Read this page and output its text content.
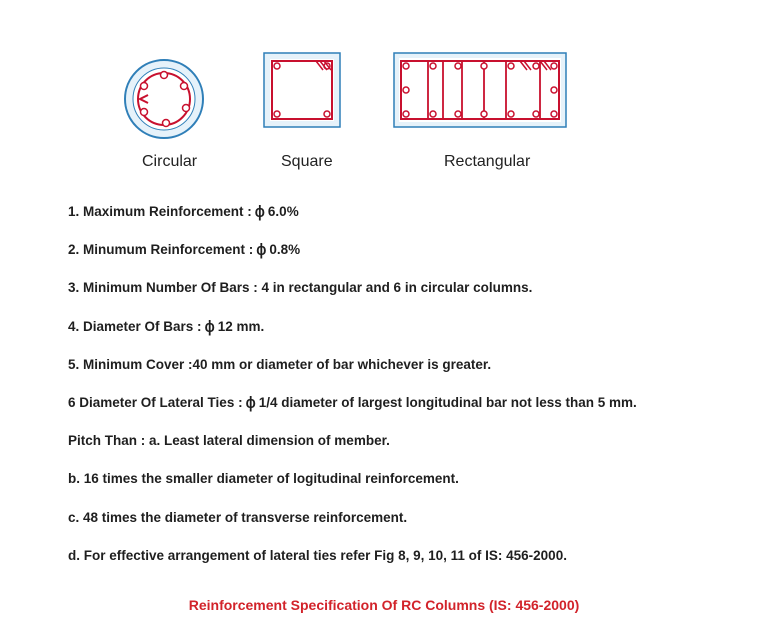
Circular	Square	Rectangular
1. Maximum Reinforcement : ɸ 6.0%
2. Minumum Reinforcement : ɸ 0.8%
3. Minimum Number Of Bars : 4 in rectangular and 6 in circular columns.
4. Diameter Of Bars : ɸ 12 mm.
5. Minimum Cover :40 mm or diameter of bar whichever is greater.
6 Diameter Of Lateral Ties : ɸ 1/4 diameter of largest longitudinal bar not less than 5 mm.
Pitch Than : a. Least lateral dimension of member.
b. 16 times the smaller diameter of logitudinal reinforcement.
c. 48 times the diameter of transverse reinforcement.
d. For effective arrangement of lateral ties refer Fig 8, 9, 10, 11 of IS: 456-2000.
Reinforcement Specification Of RC Columns (IS: 456-2000)
